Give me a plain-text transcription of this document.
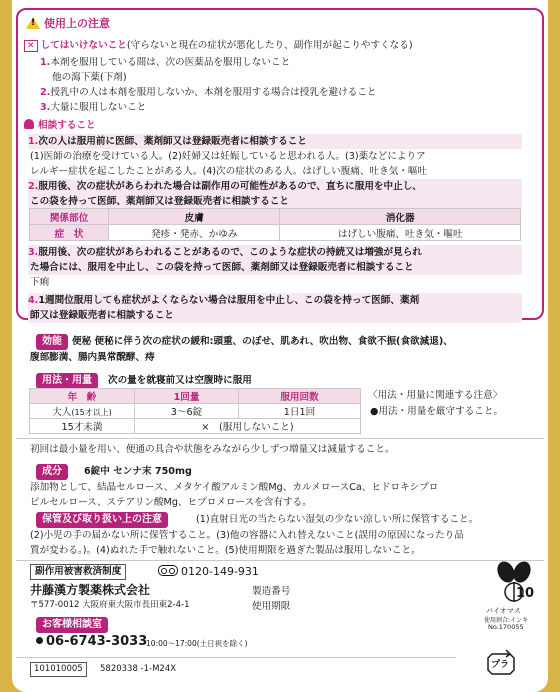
! 使用上の注意
✕ してはいけないこと(守らないと現在の症状が悪化したり、副作用が起こりやすくなる)
1.本剤を服用している間は、次の医薬品を服用しないこと
他の瀉下薬(下剤)
2.授乳中の人は本剤を服用しないか、本剤を服用する場合は授乳を避けること
3.大量に服用しないこと
相談すること
1.次の人は服用前に医師、薬剤師又は登録販売者に相談すること
(1)医師の治療を受けている人。(2)妊婦又は妊娠していると思われる人。(3)薬などによりア
レルギー症状を起こしたことがある人。(4)次の症状のある人。はげしい腹痛、吐き気・嘔吐
2.服用後、次の症状があらわれた場合は副作用の可能性があるので、直ちに服用を中止し、
この袋を持って医師、薬剤師又は登録販売者に相談すること
関係部位	皮膚	消化器
症　状	発疹・発赤、かゆみ	はげしい腹痛、吐き気・嘔吐
3.服用後、次の症状があらわれることがあるので、このような症状の持続又は増強が見られ
た場合には、服用を中止し、この袋を持って医師、薬剤師又は登録販売者に相談すること
下痢
4.1週間位服用しても症状がよくならない場合は服用を中止し、この袋を持って医師、薬剤
師又は登録販売者に相談すること
効能	便秘 便秘に伴う次の症状の緩和:頭重、のぼせ、肌あれ、吹出物、食欲不振(食欲減退)、
腹部膨満、腸内異常醗酵、痔
用法・用量	次の量を就寝前又は空腹時に服用
年　齢	1回量	服用回数
大人(15才以上)	3〜6錠	1日1回
15才未満	×　(服用しないこと)	
〈用法・用量に関連する注意〉
●用法・用量を厳守すること。
初回は最小量を用い、便通の具合や状態をみながら少しずつ増量又は減量すること。
成分	6錠中 センナ末 750mg
添加物として、結晶セルロース、メタケイ酸アルミン酸Mg、カルメロースCa、ヒドロキシプロ
ピルセルロース、ステアリン酸Mg、ヒプロメロースを含有する。
保管及び取り扱い上の注意	(1)直射日光の当たらない湿気の少ない涼しい所に保管すること。
(2)小児の手の届かない所に保管すること。(3)他の容器に入れ替えないこと(誤用の原因になったり品
質が変わる。)。(4)ぬれた手で触れないこと。(5)使用期限を過ぎた製品は服用しないこと。
副作用被害救済制度	0120-149-931
井藤漢方製薬株式会社
〒577-0012 大阪府東大阪市長田東2-4-1
製造番号
使用期限
お客様相談室
06-6743-3033
10:00〜17:00(土日祝を除く)
101010005	5820338 -1-M24X
10
バイオマス
使用割合:インキ
No.170055
プラ
